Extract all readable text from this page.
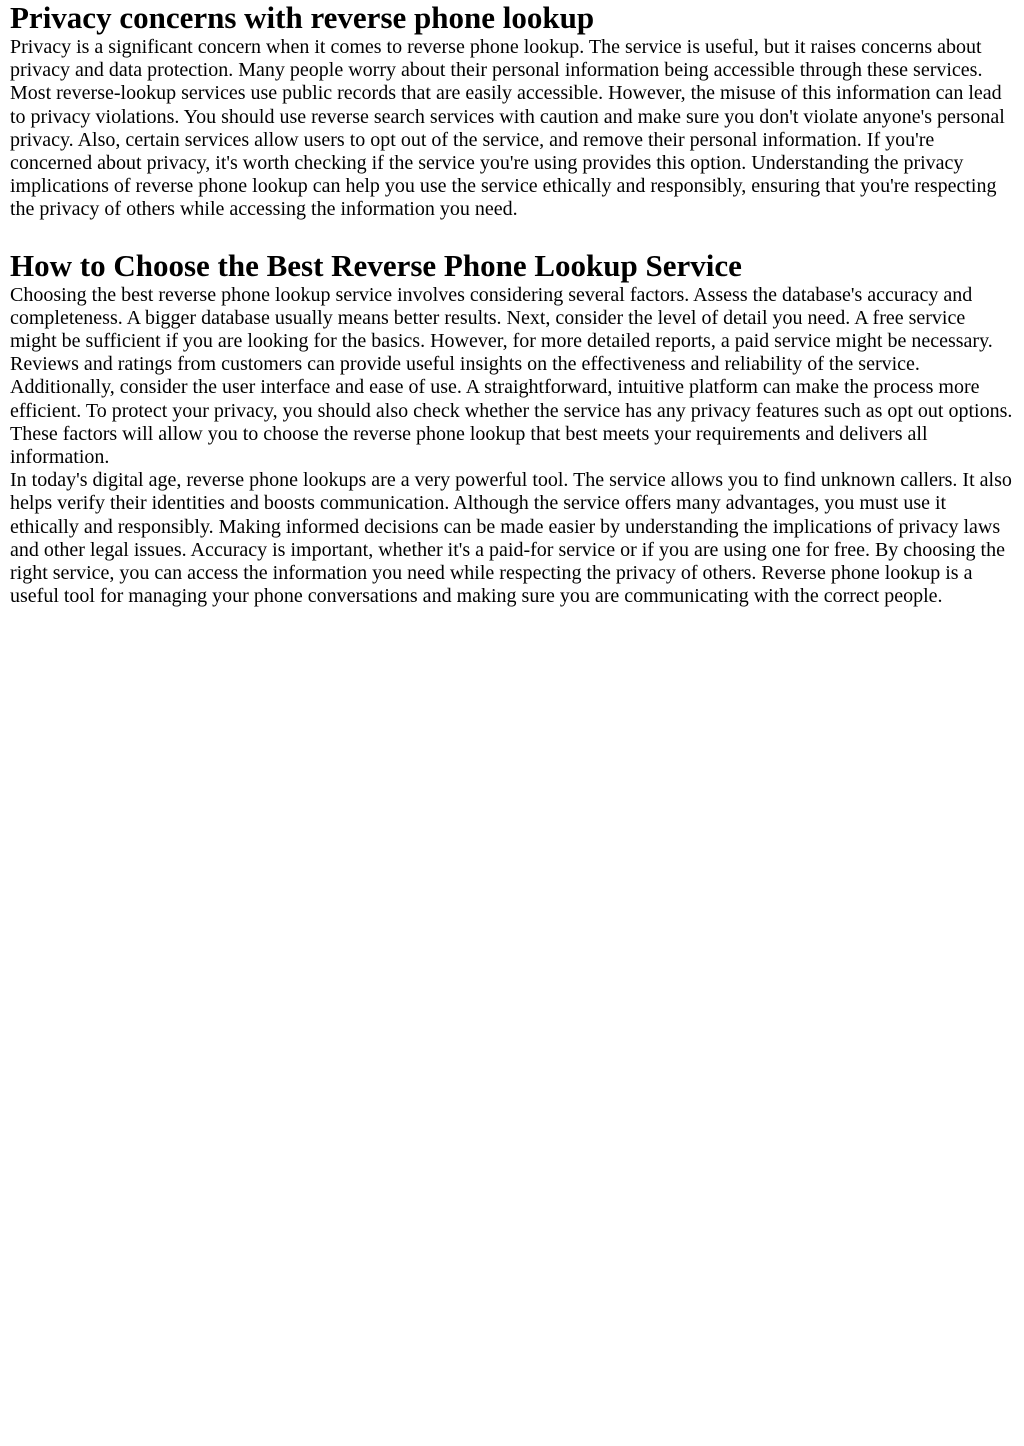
Privacy concerns with reverse phone lookup

Privacy is a significant concern when it comes to reverse phone lookup. The service is useful, but it raises concerns about privacy and data protection. Many people worry about their personal information being accessible through these services. Most reverse-lookup services use public records that are easily accessible. However, the misuse of this information can lead to privacy violations. You should use reverse search services with caution and make sure you don't violate anyone's personal privacy. Also, certain services allow users to opt out of the service, and remove their personal information. If you're concerned about privacy, it's worth checking if the service you're using provides this option. Understanding the privacy implications of reverse phone lookup can help you use the service ethically and responsibly, ensuring that you're respecting the privacy of others while accessing the information you need.

How to Choose the Best Reverse Phone Lookup Service

Choosing the best reverse phone lookup service involves considering several factors. Assess the database's accuracy and completeness. A bigger database usually means better results. Next, consider the level of detail you need. A free service might be sufficient if you are looking for the basics. However, for more detailed reports, a paid service might be necessary. Reviews and ratings from customers can provide useful insights on the effectiveness and reliability of the service. Additionally, consider the user interface and ease of use. A straightforward, intuitive platform can make the process more efficient. To protect your privacy, you should also check whether the service has any privacy features such as opt out options. These factors will allow you to choose the reverse phone lookup that best meets your requirements and delivers all information.

In today's digital age, reverse phone lookups are a very powerful tool. The service allows you to find unknown callers. It also helps verify their identities and boosts communication. Although the service offers many advantages, you must use it ethically and responsibly. Making informed decisions can be made easier by understanding the implications of privacy laws and other legal issues. Accuracy is important, whether it's a paid-for service or if you are using one for free. By choosing the right service, you can access the information you need while respecting the privacy of others. Reverse phone lookup is a useful tool for managing your phone conversations and making sure you are communicating with the correct people.
